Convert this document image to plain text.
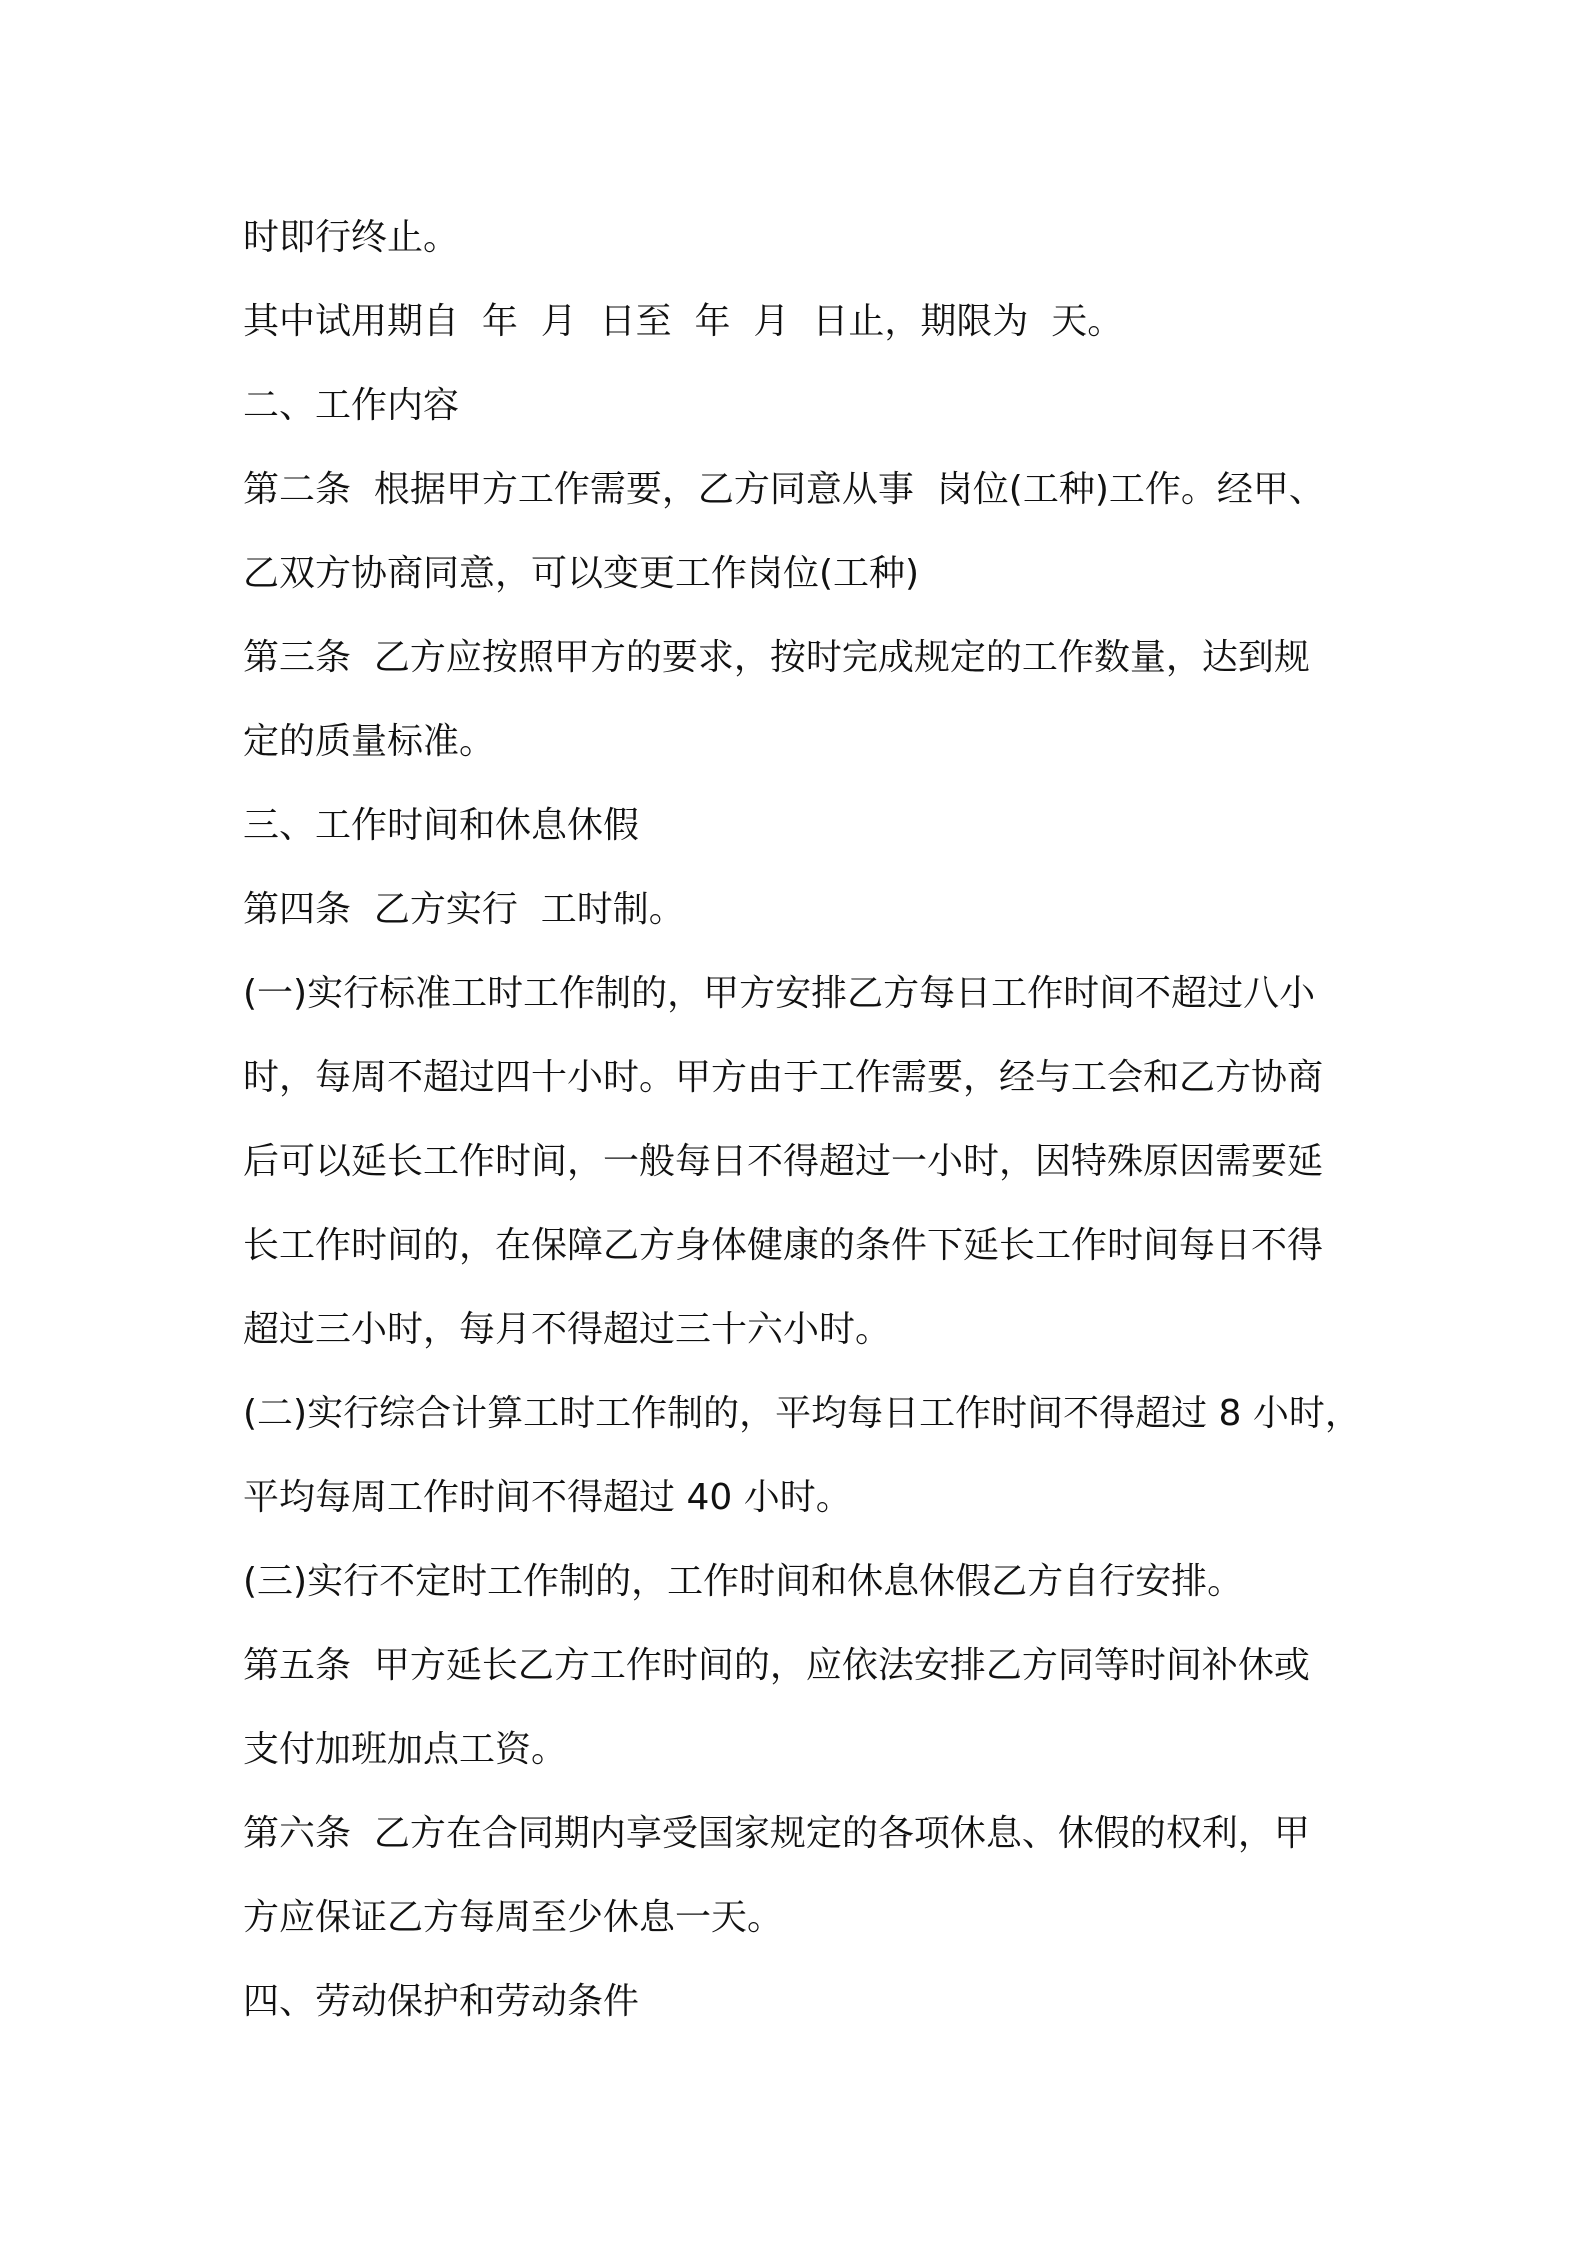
时即行终止。
其中试用期自  年  月  日至  年  月  日止，期限为  天。
二、工作内容
第二条  根据甲方工作需要，乙方同意从事  岗位(工种)工作。经甲、
乙双方协商同意，可以变更工作岗位(工种)
第三条  乙方应按照甲方的要求，按时完成规定的工作数量，达到规
定的质量标准。
三、工作时间和休息休假
第四条  乙方实行  工时制。
(一)实行标准工时工作制的，甲方安排乙方每日工作时间不超过八小
时，每周不超过四十小时。甲方由于工作需要，经与工会和乙方协商
后可以延长工作时间，一般每日不得超过一小时，因特殊原因需要延
长工作时间的，在保障乙方身体健康的条件下延长工作时间每日不得
超过三小时，每月不得超过三十六小时。
(二)实行综合计算工时工作制的，平均每日工作时间不得超过 8 小时，
平均每周工作时间不得超过 40 小时。
(三)实行不定时工作制的，工作时间和休息休假乙方自行安排。
第五条  甲方延长乙方工作时间的，应依法安排乙方同等时间补休或
支付加班加点工资。
第六条  乙方在合同期内享受国家规定的各项休息、休假的权利，甲
方应保证乙方每周至少休息一天。
四、劳动保护和劳动条件
